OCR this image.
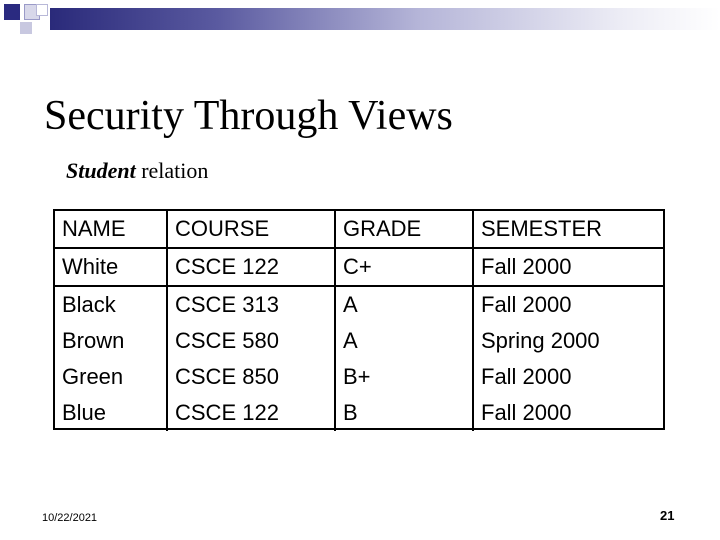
Security Through Views
Student relation
NAME	COURSE	GRADE	SEMESTER
White	CSCE 122	C+	Fall 2000
Black	CSCE 313	A	Fall 2000
Brown	CSCE 580	A	Spring 2000
Green	CSCE 850	B+	Fall 2000
Blue	CSCE 122	B	Fall 2000
10/22/2021	21
